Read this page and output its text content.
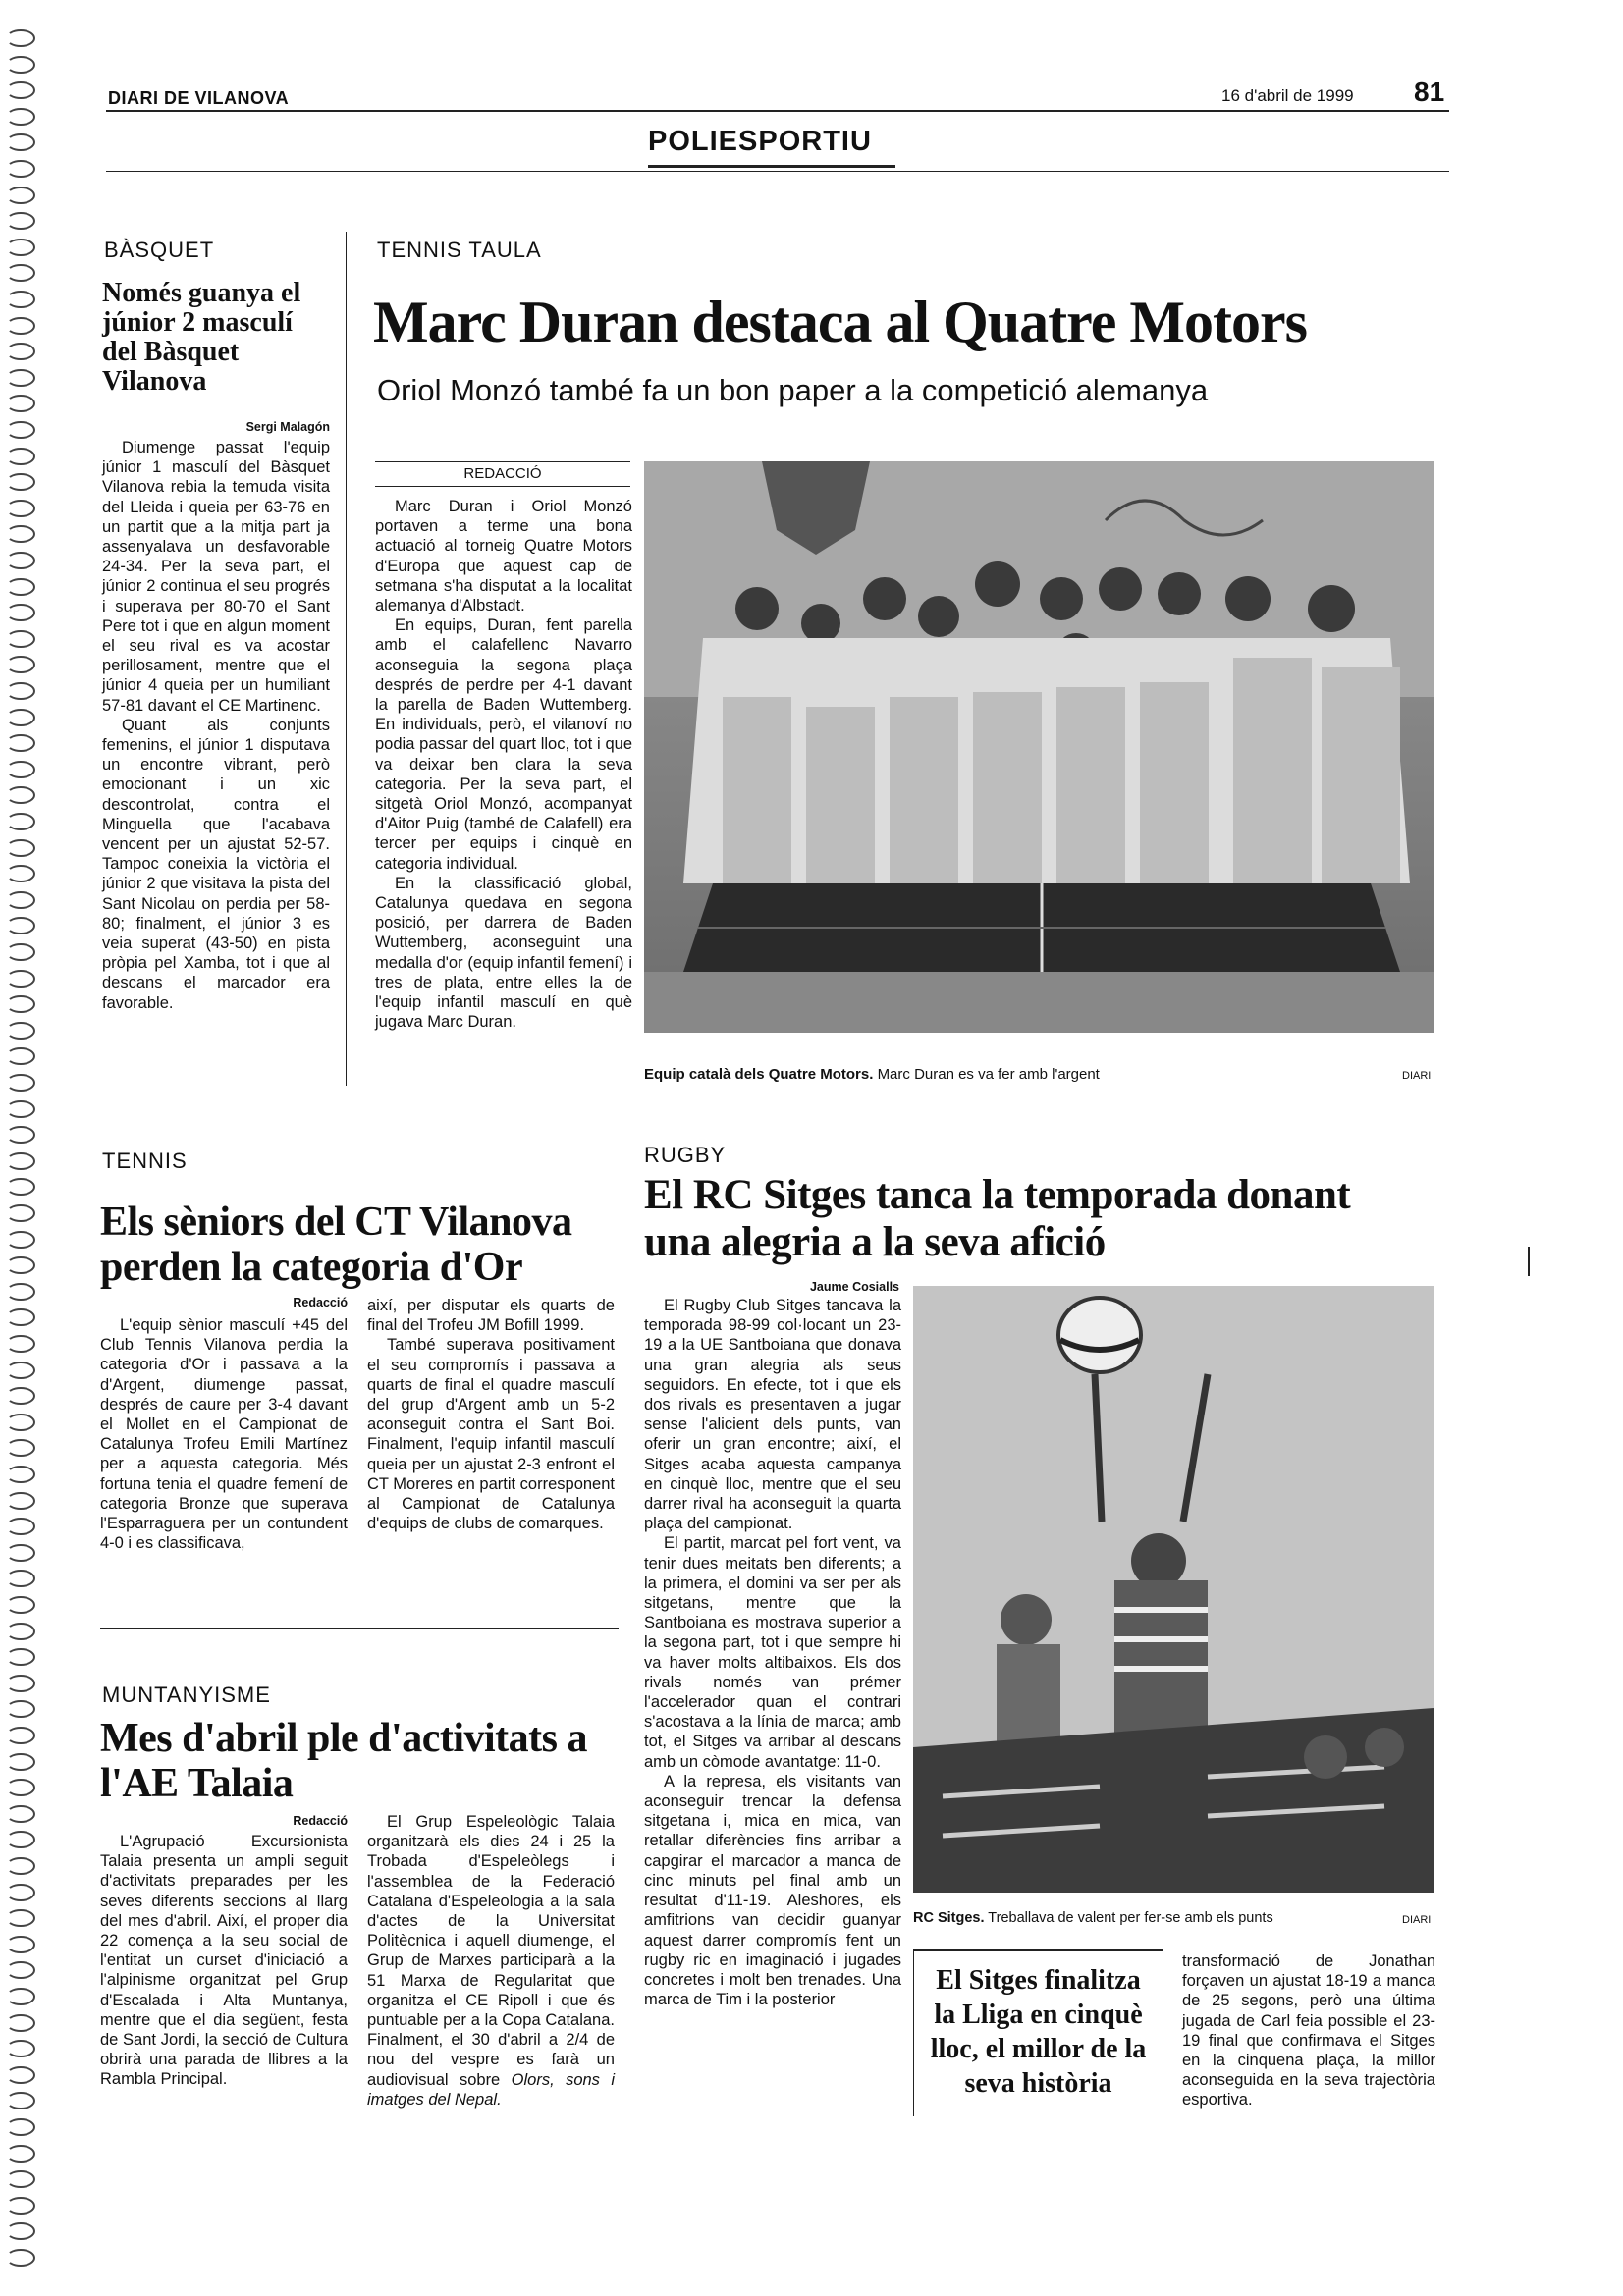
DIARI DE VILANOVA	16 d'abril de 1999 81
POLIESPORTIU
BÀSQUET
Només guanya el júnior 2 masculí del Bàsquet Vilanova
Sergi Malagón

Diumenge passat l'equip júnior 1 masculí del Bàsquet Vilanova rebia la temuda visita del Lleida i queia per 63-76 en un partit que a la mitja part ja assenyalava un desfavorable 24-34. Per la seva part, el júnior 2 continua el seu progrés i superava per 80-70 el Sant Pere tot i que en algun moment el seu rival es va acostar perillosament, mentre que el júnior 4 queia per un humiliant 57-81 davant el CE Martinenc.

Quant als conjunts femenins, el júnior 1 disputava un encontre vibrant, però emocionant i un xic descontrolat, contra el Minguella que l'acabava vencent per un ajustat 52-57. Tampoc coneixia la victòria el júnior 2 que visitava la pista del Sant Nicolau on perdia per 58-80; finalment, el júnior 3 es veia superat (43-50) en pista pròpia pel Xamba, tot i que al descans el marcador era favorable.

TENNIS TAULA
Marc Duran destaca al Quatre Motors
Oriol Monzó també fa un bon paper a la competició alemanya
REDACCIÓ

Marc Duran i Oriol Monzó portaven a terme una bona actuació al torneig Quatre Motors d'Europa que aquest cap de setmana s'ha disputat a la localitat alemanya d'Albstadt.

En equips, Duran, fent parella amb el calafellenc Navarro aconseguia la segona plaça després de perdre per 4-1 davant la parella de Baden Wuttemberg. En individuals, però, el vilanoví no podia passar del quart lloc, tot i que va deixar ben clara la seva categoria. Per la seva part, el sitgetà Oriol Monzó, acompanyat d'Aitor Puig (també de Calafell) era tercer per equips i cinquè en categoria individual.

En la classificació global, Catalunya quedava en segona posició, per darrera de Baden Wuttemberg, aconseguint una medalla d'or (equip infantil femení) i tres de plata, entre elles la de l'equip infantil masculí en què jugava Marc Duran.

Equip català dels Quatre Motors. Marc Duran es va fer amb l'argent	DIARI
TENNIS
Els sèniors del CT Vilanova perden la categoria d'Or
Redacció

L'equip sènior masculí +45 del Club Tennis Vilanova perdia la categoria d'Or i passava a la d'Argent, diumenge passat, després de caure per 3-4 davant el Mollet en el Campionat de Catalunya Trofeu Emili Martínez per a aquesta categoria. Més fortuna tenia el quadre femení de categoria Bronze que superava l'Esparraguera per un contundent 4-0 i es classificava,

així, per disputar els quarts de final del Trofeu JM Bofill 1999.

També superava positivament el seu compromís i passava a quarts de final el quadre masculí del grup d'Argent amb un 5-2 aconseguit contra el Sant Boi. Finalment, l'equip infantil masculí queia per un ajustat 2-3 enfront el CT Moreres en partit corresponent al Campionat de Catalunya d'equips de clubs de comarques.

MUNTANYISME
Mes d'abril ple d'activitats a l'AE Talaia
Redacció

L'Agrupació Excursionista Talaia presenta un ampli seguit d'activitats preparades per les seves diferents seccions al llarg del mes d'abril. Així, el proper dia 22 comença a la seu social de l'entitat un curset d'iniciació a l'alpinisme organitzat pel Grup d'Escalada i Alta Muntanya, mentre que el dia següent, festa de Sant Jordi, la secció de Cultura obrirà una parada de llibres a la Rambla Principal.

El Grup Espeleològic Talaia organitzarà els dies 24 i 25 la Trobada d'Espeleòlegs i l'assemblea de la Federació Catalana d'Espeleologia a la sala d'actes de la Universitat Politècnica i aquell diumenge, el Grup de Marxes participarà a la 51 Marxa de Regularitat que organitza el CE Ripoll i que és puntuable per a la Copa Catalana. Finalment, el 30 d'abril a 2/4 de nou del vespre es farà un audiovisual sobre Olors, sons i imatges del Nepal.

RUGBY
El RC Sitges tanca la temporada donant una alegria a la seva afició
Jaume Cosialls

El Rugby Club Sitges tancava la temporada 98-99 col·locant un 23-19 a la UE Santboiana que donava una gran alegria als seus seguidors. En efecte, tot i que els dos rivals es presentaven a jugar sense l'alicient dels punts, van oferir un gran encontre; així, el Sitges acaba aquesta campanya en cinquè lloc, mentre que el seu darrer rival ha aconseguit la quarta plaça del campionat.

El partit, marcat pel fort vent, va tenir dues meitats ben diferents; a la primera, el domini va ser per als sitgetans, mentre que la Santboiana es mostrava superior a la segona part, tot i que sempre hi va haver molts altibaixos. Els dos rivals només van prémer l'accelerador quan el contrari s'acostava a la línia de marca; amb tot, el Sitges va arribar al descans amb un còmode avantatge: 11-0.

A la represa, els visitants van aconseguir trencar la defensa sitgetana i, mica en mica, van retallar diferències fins arribar a capgirar el marcador a manca de cinc minuts pel final amb un resultat d'11-19. Aleshores, els amfitrions van decidir guanyar aquest darrer compromís fent un rugby ric en imaginació i jugades concretes i molt ben trenades. Una marca de Tim i la posterior

RC Sitges. Treballava de valent per fer-se amb els punts	DIARI
El Sitges finalitza la Lliga en cinquè lloc, el millor de la seva història

transformació de Jonathan forçaven un ajustat 18-19 a manca de 25 segons, però una última jugada de Carl feia possible el 23-19 final que confirmava el Sitges en la cinquena plaça, la millor aconseguida en la seva trajectòria esportiva.
